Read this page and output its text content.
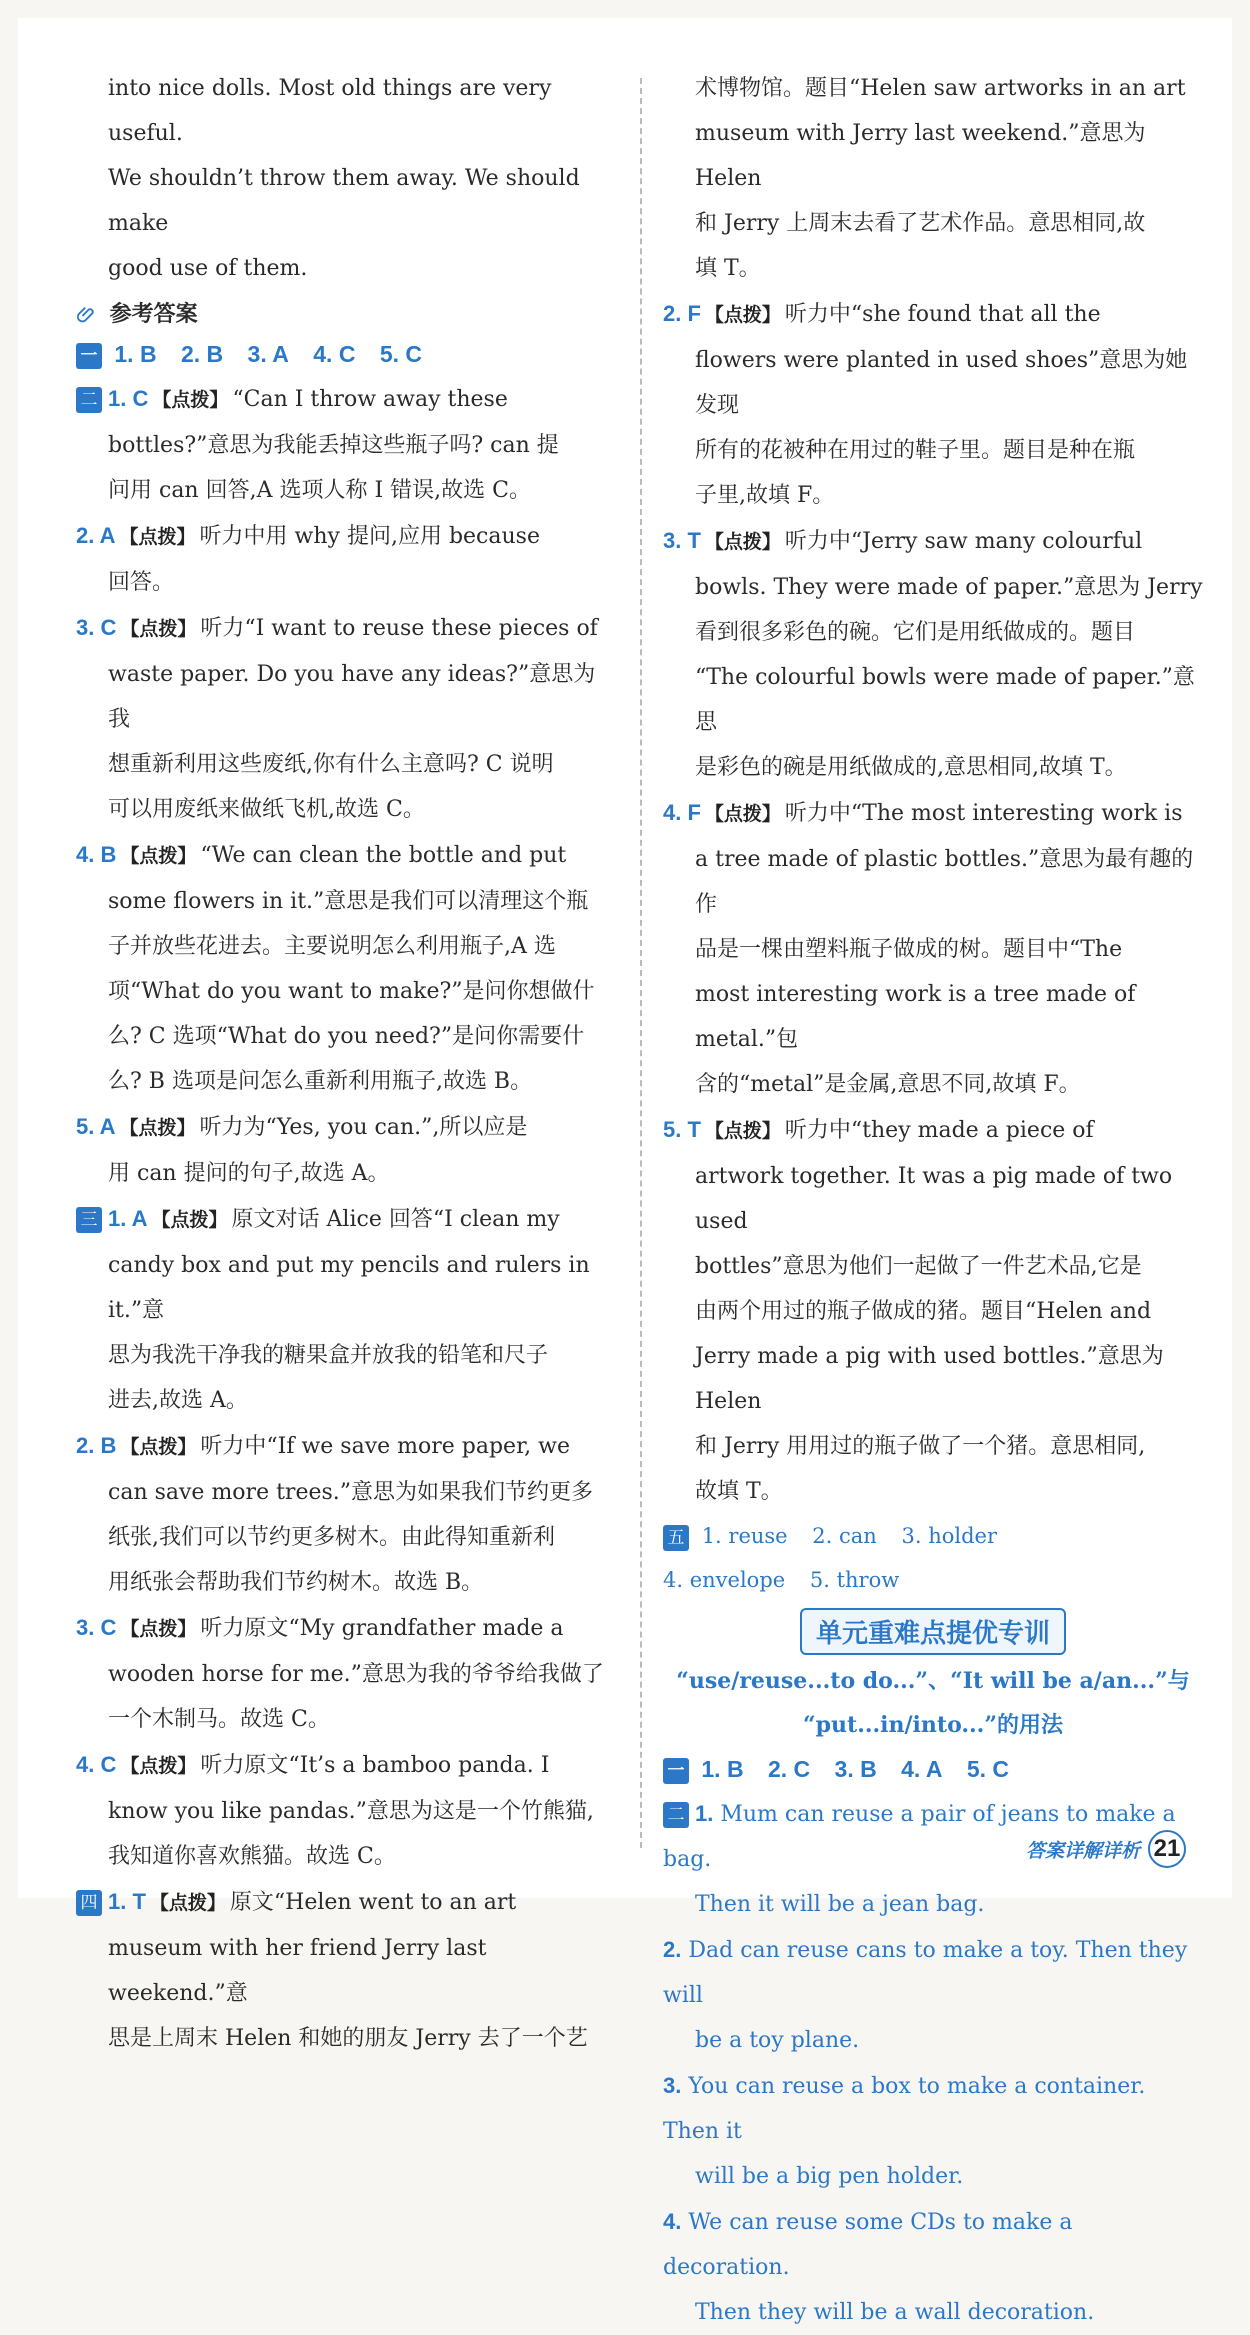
into nice dolls. Most old things are very useful.

We shouldn’t throw them away. We should make

good use of them.

参考答案
一 1. B 2. B 3. A 4. C 5. C

二 1. C 【点拨】 “Can I throw away these

bottles?”意思为我能丢掉这些瓶子吗? can 提

问用 can 回答,A 选项人称 I 错误,故选 C。

2. A 【点拨】 听力中用 why 提问,应用 because

回答。

3. C 【点拨】 听力“I want to reuse these pieces of

waste paper. Do you have any ideas?”意思为我

想重新利用这些废纸,你有什么主意吗? C 说明

可以用废纸来做纸飞机,故选 C。

4. B 【点拨】 “We can clean the bottle and put

some flowers in it.”意思是我们可以清理这个瓶

子并放些花进去。主要说明怎么利用瓶子,A 选

项“What do you want to make?”是问你想做什

么? C 选项“What do you need?”是问你需要什

么? B 选项是问怎么重新利用瓶子,故选 B。

5. A 【点拨】 听力为“Yes, you can.”,所以应是

用 can 提问的句子,故选 A。

三 1. A 【点拨】 原文对话 Alice 回答“I clean my

candy box and put my pencils and rulers in it.”意

思为我洗干净我的糖果盒并放我的铅笔和尺子

进去,故选 A。

2. B 【点拨】 听力中“If we save more paper, we

can save more trees.”意思为如果我们节约更多

纸张,我们可以节约更多树木。由此得知重新利

用纸张会帮助我们节约树木。故选 B。

3. C 【点拨】 听力原文“My grandfather made a

wooden horse for me.”意思为我的爷爷给我做了

一个木制马。故选 C。

4. C 【点拨】 听力原文“It’s a bamboo panda. I

know you like pandas.”意思为这是一个竹熊猫,

我知道你喜欢熊猫。故选 C。

四 1. T 【点拨】 原文“Helen went to an art

museum with her friend Jerry last weekend.”意

思是上周末 Helen 和她的朋友 Jerry 去了一个艺

术博物馆。题目“Helen saw artworks in an art

museum with Jerry last weekend.”意思为 Helen

和 Jerry 上周末去看了艺术作品。意思相同,故

填 T。

2. F 【点拨】 听力中“she found that all the

flowers were planted in used shoes”意思为她发现

所有的花被种在用过的鞋子里。题目是种在瓶

子里,故填 F。

3. T 【点拨】 听力中“Jerry saw many colourful

bowls. They were made of paper.”意思为 Jerry

看到很多彩色的碗。它们是用纸做成的。题目

“The colourful bowls were made of paper.”意思

是彩色的碗是用纸做成的,意思相同,故填 T。

4. F 【点拨】 听力中“The most interesting work is

a tree made of plastic bottles.”意思为最有趣的作

品是一棵由塑料瓶子做成的树。题目中“The

most interesting work is a tree made of metal.”包

含的“metal”是金属,意思不同,故填 F。

5. T 【点拨】 听力中“they made a piece of

artwork together. It was a pig made of two used

bottles”意思为他们一起做了一件艺术品,它是

由两个用过的瓶子做成的猪。题目“Helen and

Jerry made a pig with used bottles.”意思为 Helen

和 Jerry 用用过的瓶子做了一个猪。意思相同,

故填 T。

五 1. reuse 2. can 3. holder
4. envelope 5. throw
单元重难点提优专训
“use/reuse...to do...”、“It will be a/an...”与
“put...in/into...”的用法
一 1. B 2. C 3. B 4. A 5. C

二 1. Mum can reuse a pair of jeans to make a bag.

Then it will be a jean bag.

2. Dad can reuse cans to make a toy. Then they will

be a toy plane.

3. You can reuse a box to make a container. Then it

will be a big pen holder.

4. We can reuse some CDs to make a decoration.

Then they will be a wall decoration.

答案详解详析 21
